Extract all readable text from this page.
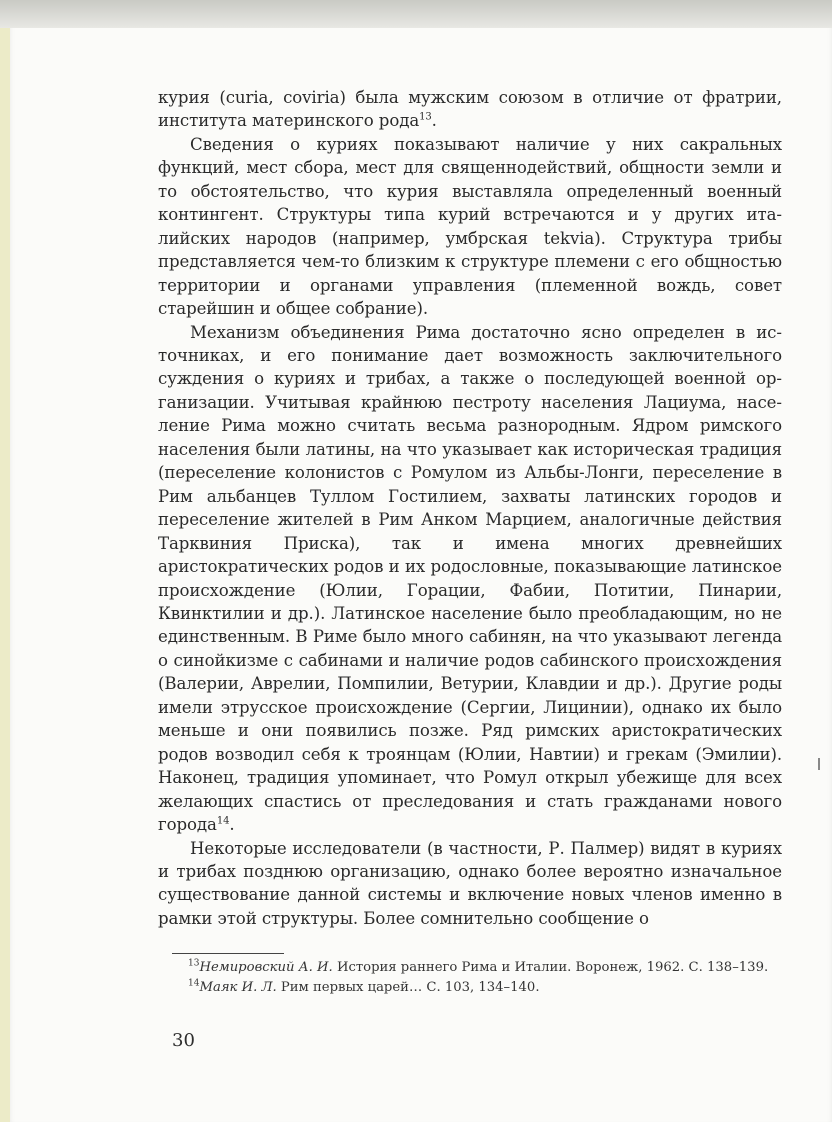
курия (curia, coviria) была мужским союзом в отличие от фратрии, института материнского рода$^{13}$.

Сведения о куриях показывают наличие у них сакральных функций, мест сбора, мест для священнодействий, общности земли и то обстоятельство, что курия выставляла определенный военный контингент. Структуры типа курий встречаются и у других италийских народов (например, умбрская tekvia). Структура трибы представляется чем-то близким к структуре племени с его общностью территории и органами управления (племенной вождь, совет старейшин и общее собрание).

Механизм объединения Рима достаточно ясно определен в источниках, и его понимание дает возможность заключительного суждения о куриях и трибах, а также о последующей военной организации. Учитывая крайнюю пестроту населения Лациума, население Рима можно считать весьма разнородным. Ядром римского населения были латины, на что указывает как историческая традиция (переселение колонистов с Ромулом из Альбы-Лонги, переселение в Рим альбанцев Туллом Гостилием, захваты латинских городов и переселение жителей в Рим Анком Марцием, аналогичные действия Тарквиния Приска), так и имена многих древнейших аристократических родов и их родословные, показывающие латинское происхождение (Юлии, Горации, Фабии, Потитии, Пинарии, Квинктилии и др.). Латинское население было преобладающим, но не единственным. В Риме было много сабинян, на что указывают легенда о синойкизме с сабинами и наличие родов сабинского происхождения (Валерии, Аврелии, Помпилии, Ветурии, Клавдии и др.). Другие роды имели этрусское происхождение (Сергии, Лицинии), однако их было меньше и они появились позже. Ряд римских аристократических родов возводил себя к троянцам (Юлии, Навтии) и грекам (Эмилии). Наконец, традиция упоминает, что Ромул открыл убежище для всех желающих спастись от преследования и стать гражданами нового города$^{14}$.

Некоторые исследователи (в частности, Р. Палмер) видят в куриях и трибах позднюю организацию, однако более вероятно изначальное существование данной системы и включение новых членов именно в рамки этой структуры. Более сомнительно сообщение о

$^{13}$Немировский А. И. История раннего Рима и Италии. Воронеж, 1962. С. 138–139.

$^{14}$Маяк И. Л. Рим первых царей… С. 103, 134–140.

30
